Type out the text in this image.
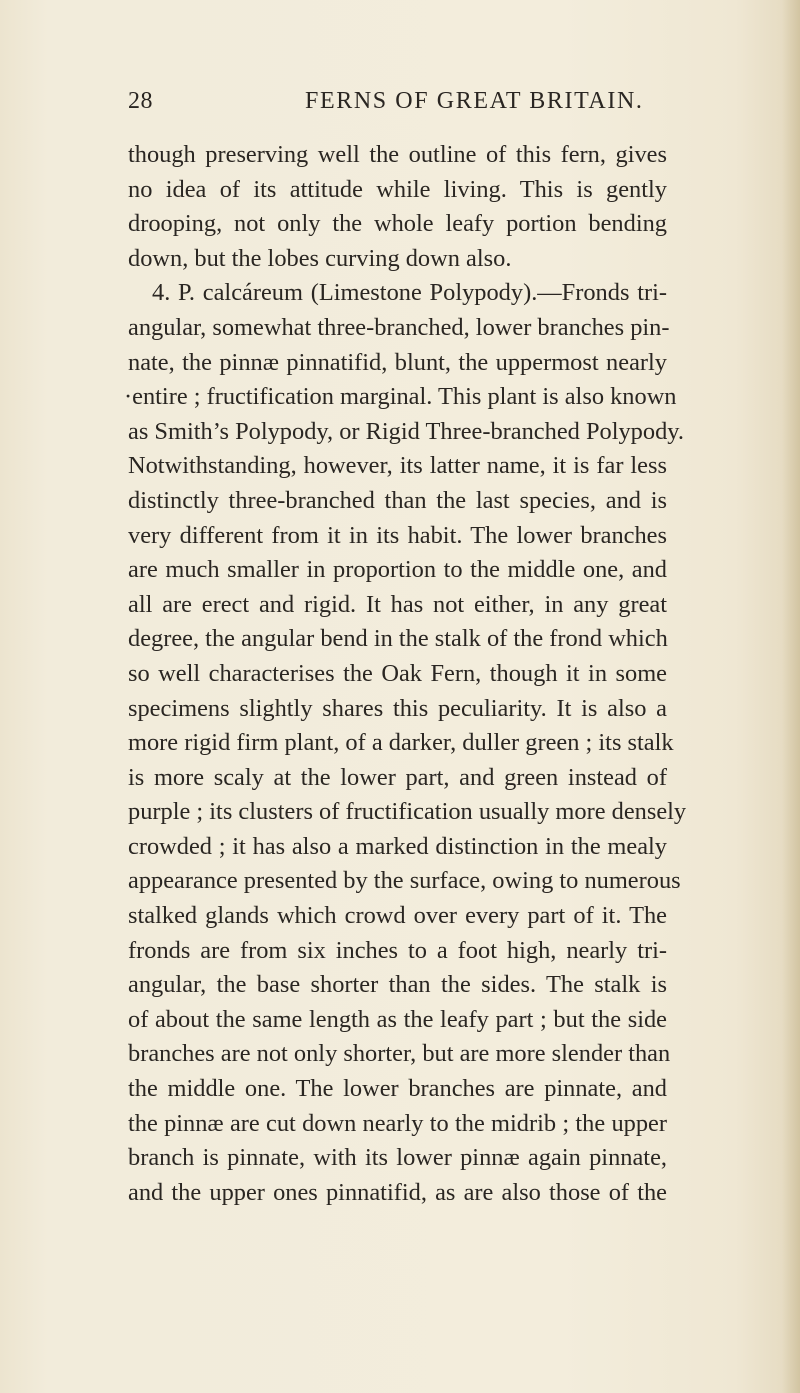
28	FERNS OF GREAT BRITAIN.
though preserving well the outline of this fern, gives
no idea of its attitude while living. This is gently
drooping, not only the whole leafy portion bending
down, but the lobes curving down also.
4. P. calcáreum (Limestone Polypody).—Fronds tri-
angular, somewhat three-branched, lower branches pin-
nate, the pinnæ pinnatifid, blunt, the uppermost nearly
·entire ; fructification marginal. This plant is also known
as Smith’s Polypody, or Rigid Three-branched Polypody.
Notwithstanding, however, its latter name, it is far less
distinctly three-branched than the last species, and is
very different from it in its habit. The lower branches
are much smaller in proportion to the middle one, and
all are erect and rigid. It has not either, in any great
degree, the angular bend in the stalk of the frond which
so well characterises the Oak Fern, though it in some
specimens slightly shares this peculiarity. It is also a
more rigid firm plant, of a darker, duller green ; its stalk
is more scaly at the lower part, and green instead of
purple ; its clusters of fructification usually more densely
crowded ; it has also a marked distinction in the mealy
appearance presented by the surface, owing to numerous
stalked glands which crowd over every part of it. The
fronds are from six inches to a foot high, nearly tri-
angular, the base shorter than the sides. The stalk is
of about the same length as the leafy part ; but the side
branches are not only shorter, but are more slender than
the middle one. The lower branches are pinnate, and
the pinnæ are cut down nearly to the midrib ; the upper
branch is pinnate, with its lower pinnæ again pinnate,
and the upper ones pinnatifid, as are also those of the
